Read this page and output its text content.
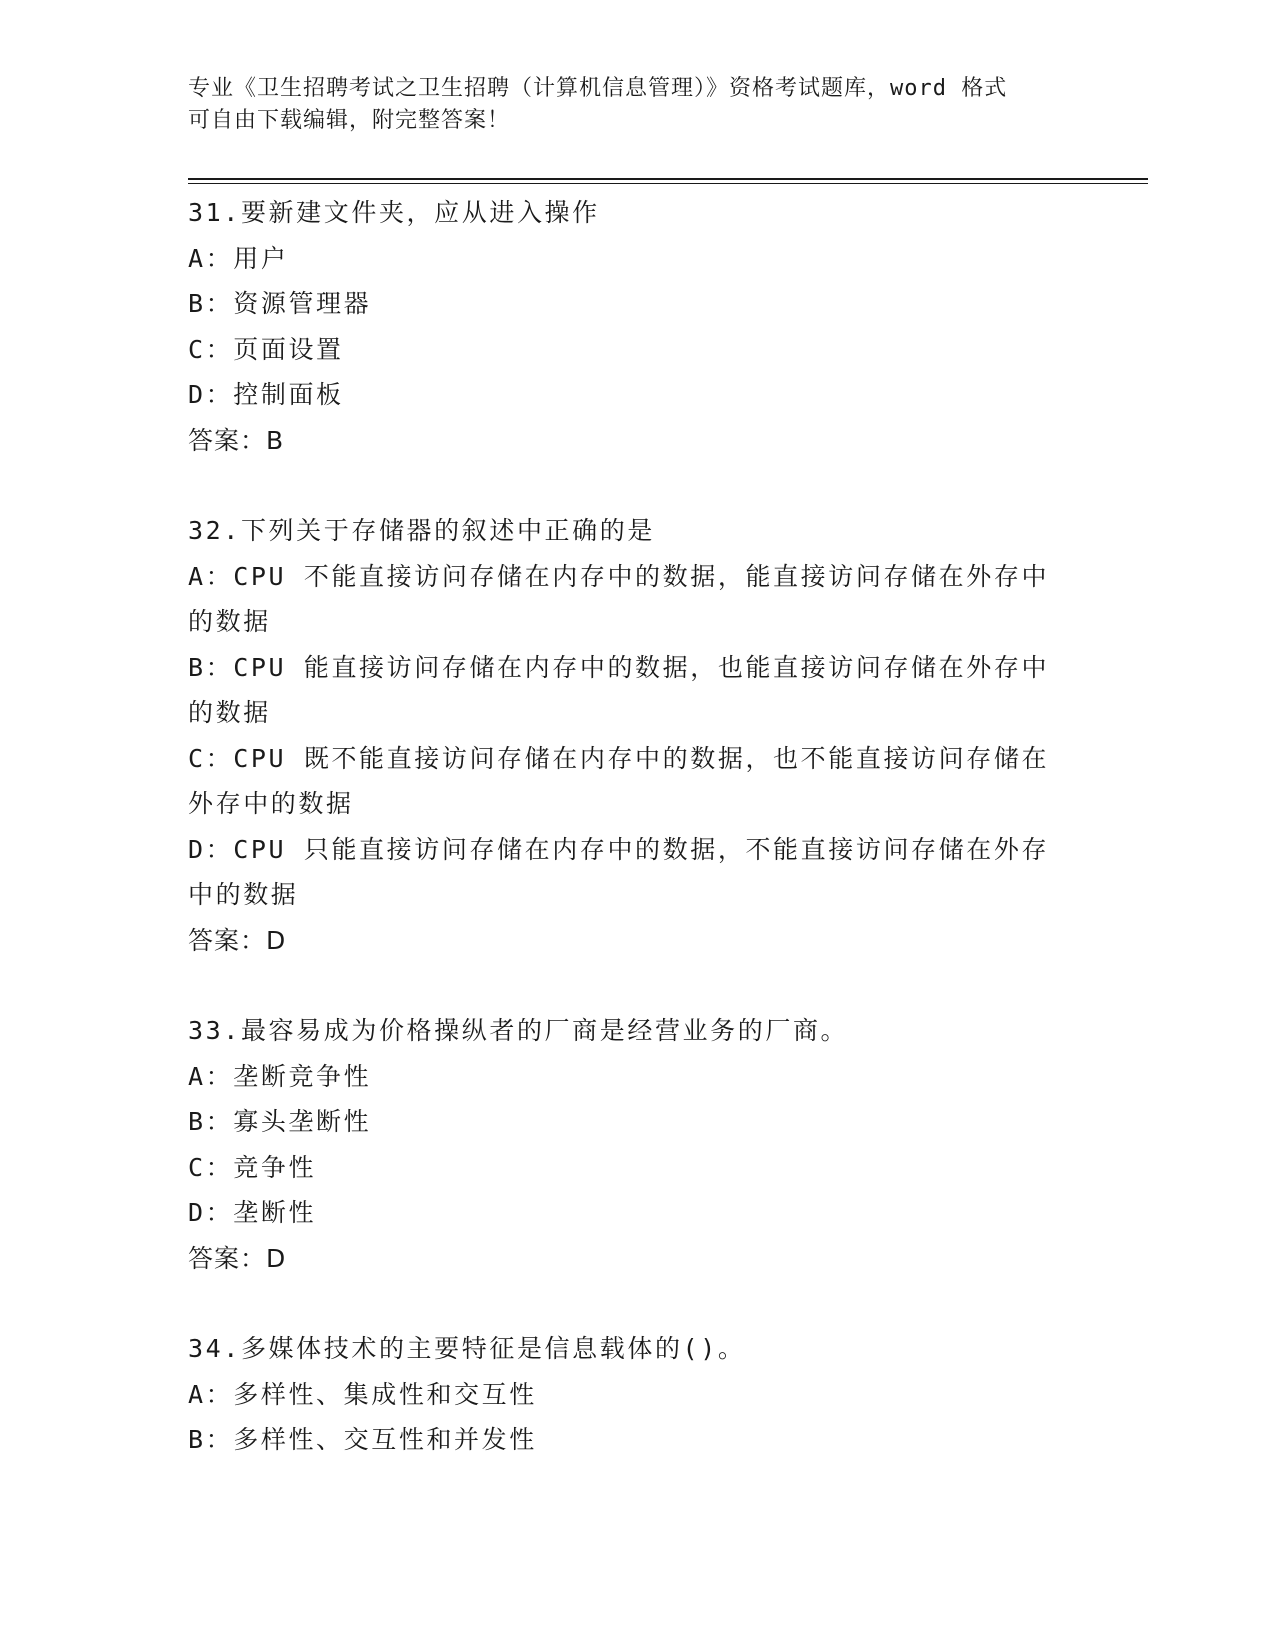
专业《卫生招聘考试之卫生招聘（计算机信息管理）》资格考试题库，word 格式
可自由下载编辑，附完整答案！
31.要新建文件夹，应从进入操作
A：用户
B：资源管理器
C：页面设置
D：控制面板
答案：B
32.下列关于存储器的叙述中正确的是
A：CPU 不能直接访问存储在内存中的数据，能直接访问存储在外存中的数据
B：CPU 能直接访问存储在内存中的数据，也能直接访问存储在外存中的数据
C：CPU 既不能直接访问存储在内存中的数据，也不能直接访问存储在外存中的数据
D：CPU 只能直接访问存储在内存中的数据，不能直接访问存储在外存中的数据
答案：D
33.最容易成为价格操纵者的厂商是经营业务的厂商。
A：垄断竞争性
B：寡头垄断性
C：竞争性
D：垄断性
答案：D
34.多媒体技术的主要特征是信息载体的()。
A：多样性、集成性和交互性
B：多样性、交互性和并发性
